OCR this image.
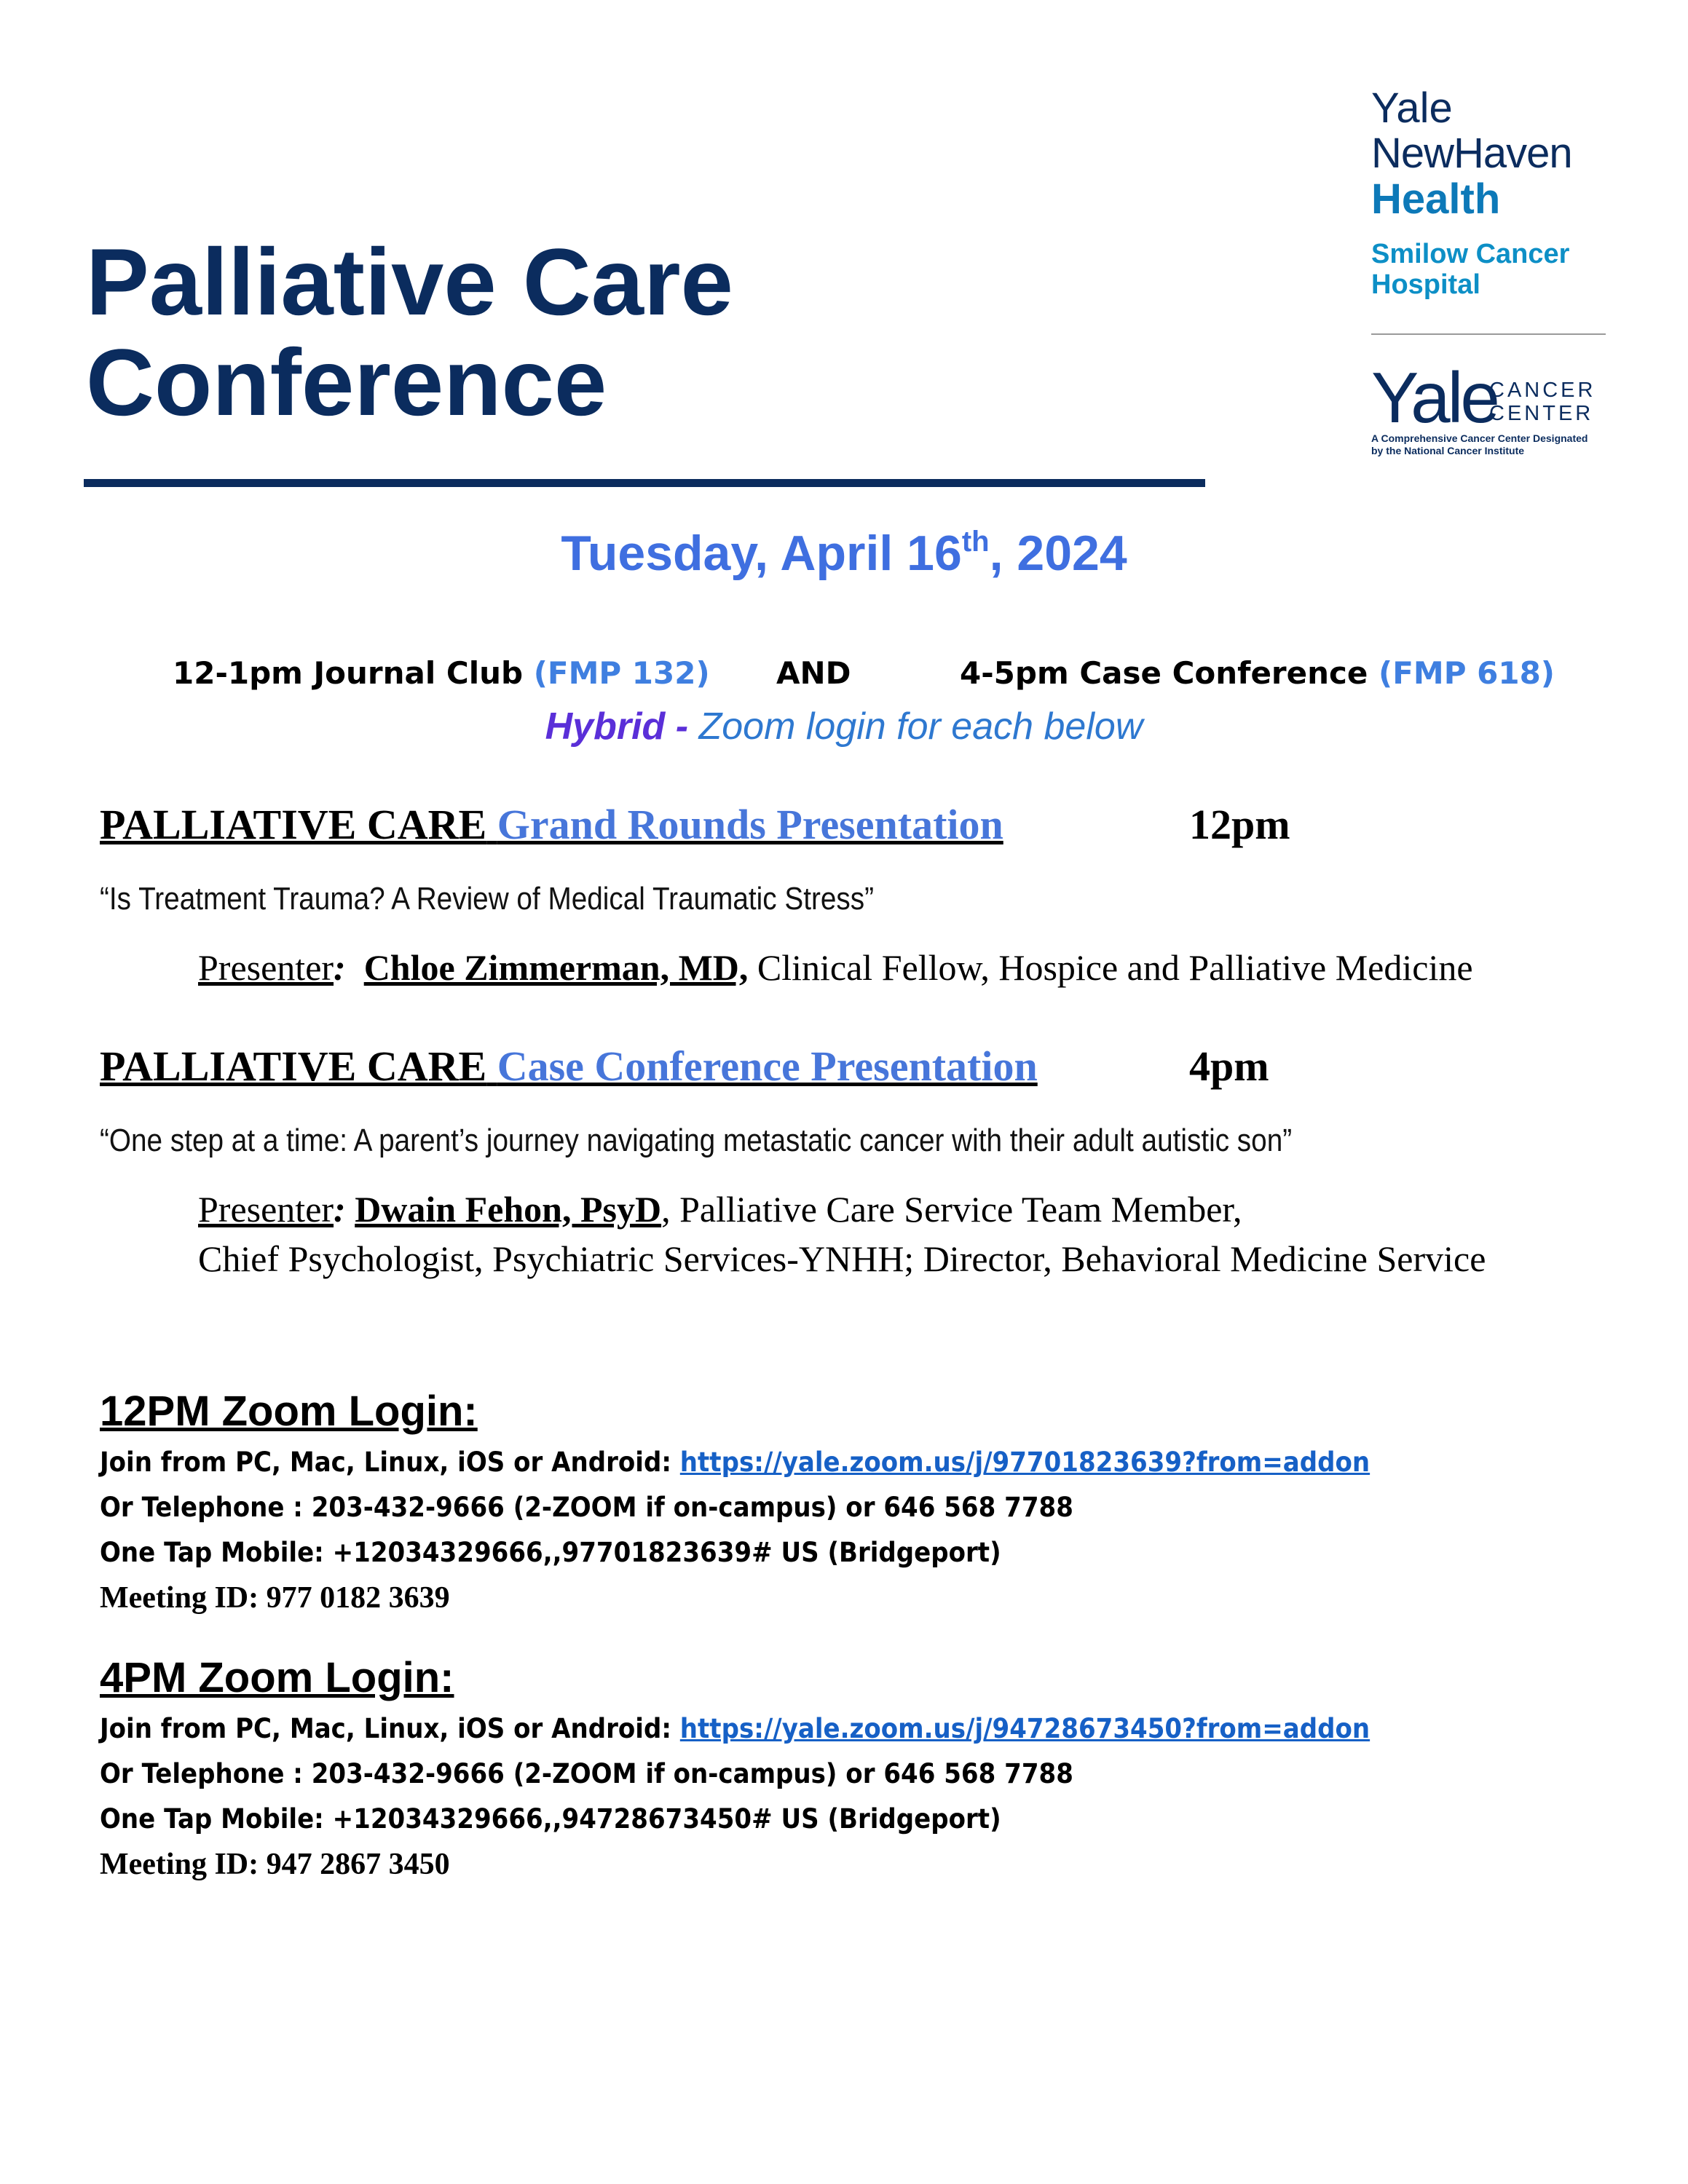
Palliative Care
Conference
Yale
NewHaven
Health
Smilow Cancer
Hospital
Yale
CANCER
CENTER
A Comprehensive Cancer Center Designated
by the National Cancer Institute
Tuesday, April 16th, 2024
12-1pm Journal Club (FMP 132) AND	4-5pm Case Conference (FMP 618)
Hybrid - Zoom login for each below
PALLIATIVE CARE Grand Rounds Presentation	12pm
“Is Treatment Trauma? A Review of Medical Traumatic Stress”
Presenter: Chloe Zimmerman, MD, Clinical Fellow, Hospice and Palliative Medicine
PALLIATIVE CARE Case Conference Presentation	4pm
“One step at a time: A parent’s journey navigating metastatic cancer with their adult autistic son”
Presenter: Dwain Fehon, PsyD, Palliative Care Service Team Member,
Chief Psychologist, Psychiatric Services-YNHH; Director, Behavioral Medicine Service
12PM Zoom Login:
Join from PC, Mac, Linux, iOS or Android: https://yale.zoom.us/j/97701823639?from=addon
Or Telephone : 203-432-9666 (2-ZOOM if on-campus) or 646 568 7788
One Tap Mobile: +12034329666,,97701823639# US (Bridgeport)
Meeting ID: 977 0182 3639
4PM Zoom Login:
Join from PC, Mac, Linux, iOS or Android: https://yale.zoom.us/j/94728673450?from=addon
Or Telephone : 203-432-9666 (2-ZOOM if on-campus) or 646 568 7788
One Tap Mobile: +12034329666,,94728673450# US (Bridgeport)
Meeting ID: 947 2867 3450
